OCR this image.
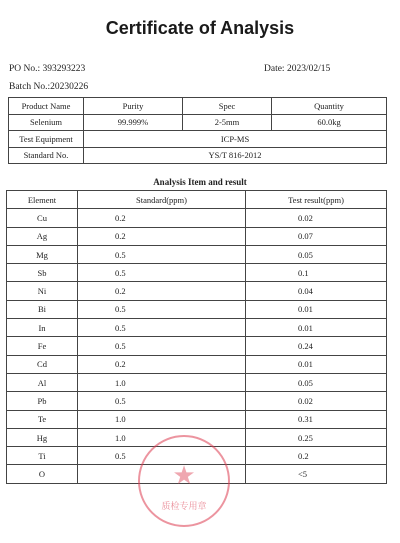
Certificate of Analysis
PO No.: 393293223	Date: 2023/02/15
Batch No.:20230226
Product Name	Purity	Spec	Quantity
Selenium	99.999%	2-5mm	60.0kg
Test Equipment	ICP-MS		
Standard No.	YS/T 816-2012		
Analysis Item and result
Element	Standard(ppm)	Test result(ppm)
Cu	0.2	0.02
Ag	0.2	0.07
Mg	0.5	0.05
Sb	0.5	0.1
Ni	0.2	0.04
Bi	0.5	0.01
In	0.5	0.01
Fe	0.5	0.24
Cd	0.2	0.01
Al	1.0	0.05
Pb	0.5	0.02
Te	1.0	0.31
Hg	1.0	0.25
Ti	0.5	0.2
O		<5
★
质检专用章
